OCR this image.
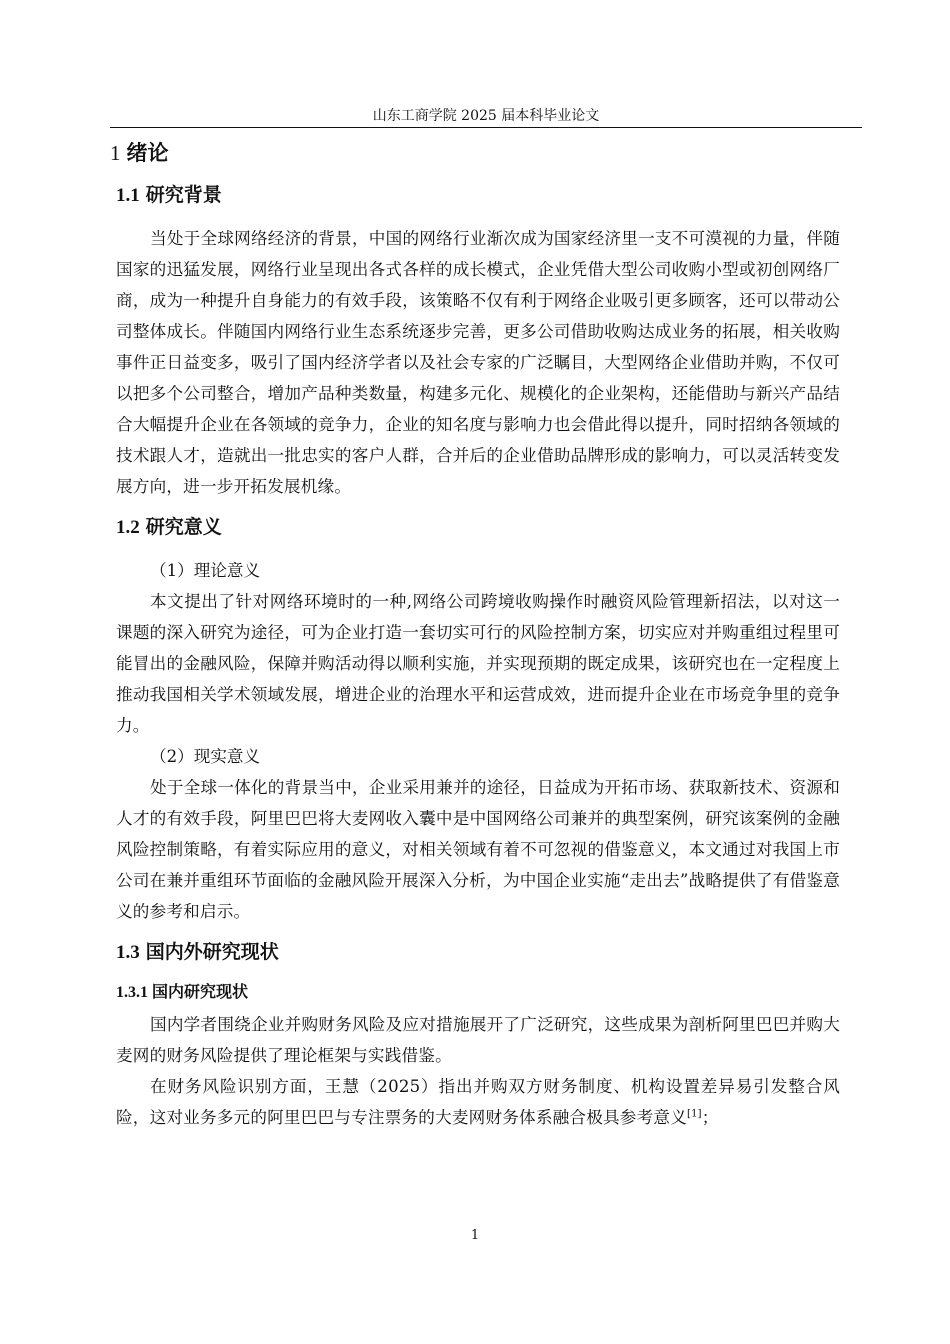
山东工商学院 2025 届本科毕业论文
1 绪论
1.1 研究背景

当处于全球网络经济的背景，中国的网络行业渐次成为国家经济里一支不可漠视的力量，伴随国家的迅猛发展，网络行业呈现出各式各样的成长模式，企业凭借大型公司收购小型或初创网络厂商，成为一种提升自身能力的有效手段，该策略不仅有利于网络企业吸引更多顾客，还可以带动公司整体成长。伴随国内网络行业生态系统逐步完善，更多公司借助收购达成业务的拓展，相关收购事件正日益变多，吸引了国内经济学者以及社会专家的广泛瞩目，大型网络企业借助并购，不仅可以把多个公司整合，增加产品种类数量，构建多元化、规模化的企业架构，还能借助与新兴产品结合大幅提升企业在各领域的竞争力，企业的知名度与影响力也会借此得以提升，同时招纳各领域的技术跟人才，造就出一批忠实的客户人群，合并后的企业借助品牌形成的影响力，可以灵活转变发展方向，进一步开拓发展机缘。

1.2 研究意义

（1）理论意义

本文提出了针对网络环境时的一种,网络公司跨境收购操作时融资风险管理新招法，以对这一课题的深入研究为途径，可为企业打造一套切实可行的风险控制方案，切实应对并购重组过程里可能冒出的金融风险，保障并购活动得以顺利实施，并实现预期的既定成果，该研究也在一定程度上推动我国相关学术领域发展，增进企业的治理水平和运营成效，进而提升企业在市场竞争里的竞争力。

（2）现实意义

处于全球一体化的背景当中，企业采用兼并的途径，日益成为开拓市场、获取新技术、资源和人才的有效手段，阿里巴巴将大麦网收入囊中是中国网络公司兼并的典型案例，研究该案例的金融风险控制策略，有着实际应用的意义，对相关领域有着不可忽视的借鉴意义，本文通过对我国上市公司在兼并重组环节面临的金融风险开展深入分析，为中国企业实施“走出去”战略提供了有借鉴意义的参考和启示。

1.3 国内外研究现状
1.3.1 国内研究现状

国内学者围绕企业并购财务风险及应对措施展开了广泛研究，这些成果为剖析阿里巴巴并购大麦网的财务风险提供了理论框架与实践借鉴。

在财务风险识别方面，王慧（2025）指出并购双方财务制度、机构设置差异易引发整合风险，这对业务多元的阿里巴巴与专注票务的大麦网财务体系融合极具参考意义[1]；

1
